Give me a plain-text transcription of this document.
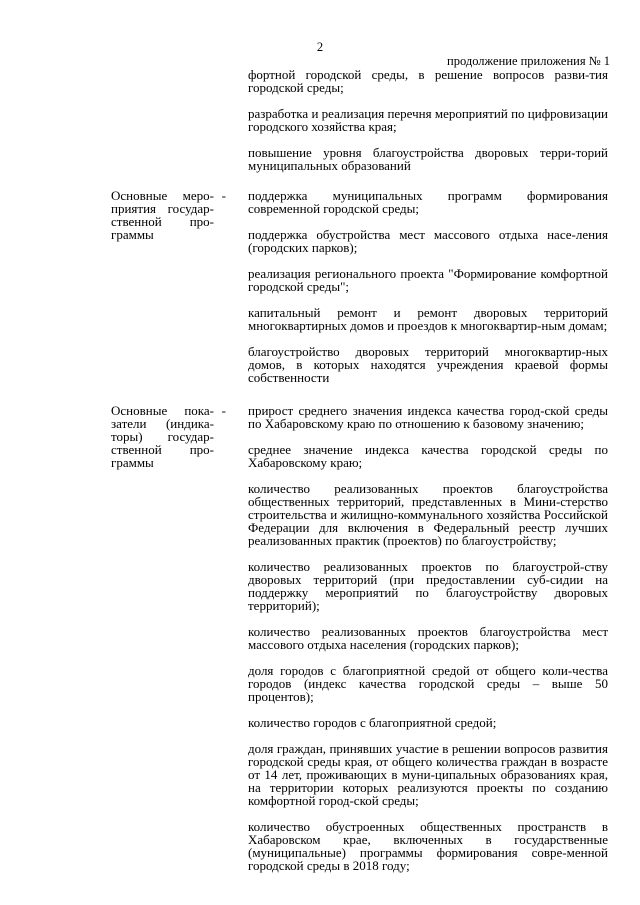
2
продолжение приложения № 1

фортной городской среды, в решение вопросов разви-тия городской среды;

разработка и реализация перечня мероприятий по цифровизации городского хозяйства края;

повышение уровня благоустройства дворовых терри-торий муниципальных образований

Основные меро-приятия государ-ственной про-граммы
- поддержка муниципальных программ формирования современной городской среды;

поддержка обустройства мест массового отдыха насе-ления (городских парков);

реализация регионального проекта "Формирование комфортной городской среды";

капитальный ремонт и ремонт дворовых территорий многоквартирных домов и проездов к многоквартир-ным домам;

благоустройство дворовых территорий многоквартир-ных домов, в которых находятся учреждения краевой формы собственности

Основные пока-затели (индика-торы) государ-ственной про-граммы
- прирост среднего значения индекса качества город-ской среды по Хабаровскому краю по отношению к базовому значению;

среднее значение индекса качества городской среды по Хабаровскому краю;

количество реализованных проектов благоустройства общественных территорий, представленных в Мини-стерство строительства и жилищно-коммунального хозяйства Российской Федерации для включения в Федеральный реестр лучших реализованных практик (проектов) по благоустройству;

количество реализованных проектов по благоустрой-ству дворовых территорий (при предоставлении суб-сидии на поддержку мероприятий по благоустройству дворовых территорий);

количество реализованных проектов благоустройства мест массового отдыха населения (городских парков);

доля городов с благоприятной средой от общего коли-чества городов (индекс качества городской среды – выше 50 процентов);

количество городов с благоприятной средой;

доля граждан, принявших участие в решении вопросов развития городской среды края, от общего количества граждан в возрасте от 14 лет, проживающих в муни-ципальных образованиях края, на территории которых реализуются проекты по созданию комфортной город-ской среды;

количество обустроенных общественных пространств в Хабаровском крае, включенных в государственные (муниципальные) программы формирования совре-менной городской среды в 2018 году;
